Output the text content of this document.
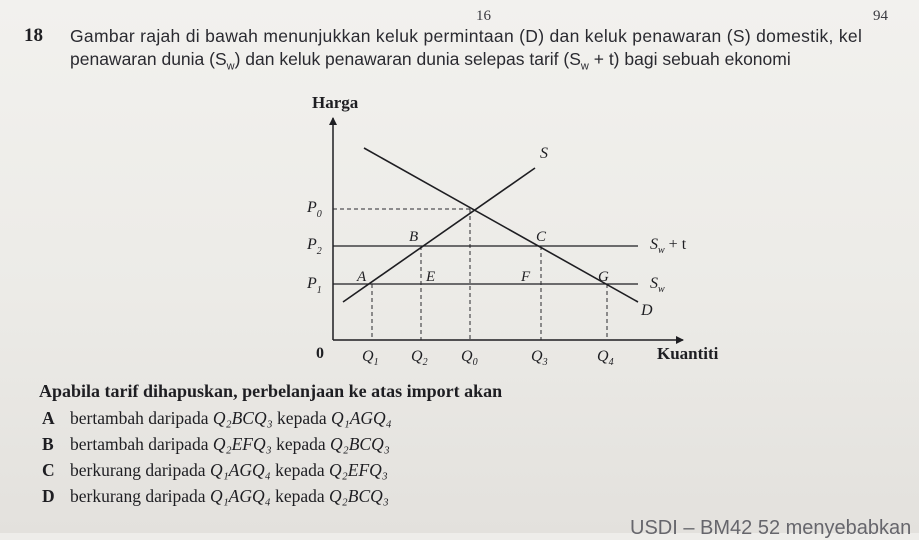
16	94
18 Gambar rajah di bawah menunjukkan keluk permintaan (D) dan keluk penawaran (S) domestik, kel
penawaran dunia $(S_w)$ dan keluk penawaran dunia selepas tarif $(S_w + t)$ bagi sebuah ekonomi
Harga
Kuantiti
0
S
D
$S_w + t$
$S_w$
$P_0$
$P_2$
$P_1$
A
B	C
E	F	G
$Q_1$ $Q_2$ $Q_0$	$Q_3$	$Q_4$
Apabila tarif dihapuskan, perbelanjaan ke atas import akan
A bertambah daripada Q₂BCQ₃ kepada Q₁AGQ₄
B bertambah daripada Q₂EFQ₃ kepada Q₂BCQ₃
C berkurang daripada Q₁AGQ₄ kepada Q₂EFQ₃
D berkurang daripada Q₁AGQ₄ kepada Q₂BCQ₃
USDI – BM42 52 menyebabkan
